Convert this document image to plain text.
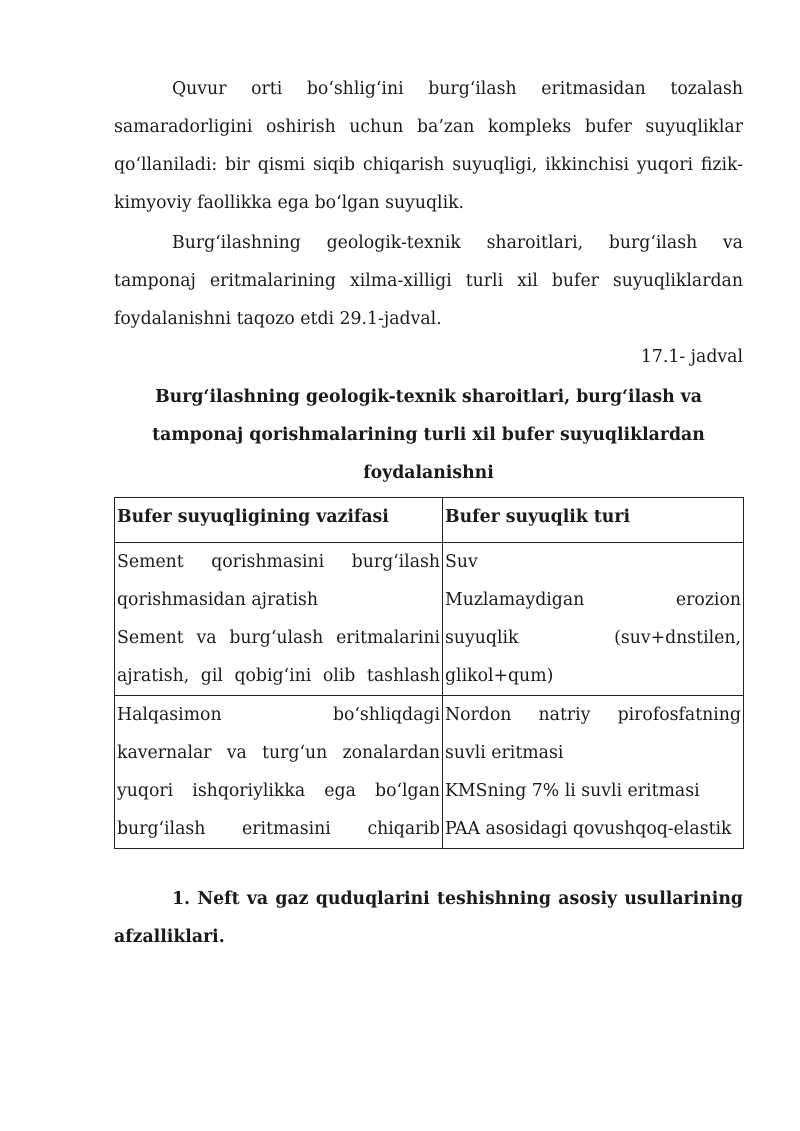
Quvur orti bo‘shlig‘ini burg‘ilash eritmasidan tozalash samaradorligini oshirish uchun ba’zan kompleks bufer suyuqliklar qo‘llaniladi: bir qismi siqib chiqarish suyuqligi, ikkinchisi yuqori fizik-kimyoviy faollikka ega bo‘lgan suyuqlik.

Burg‘ilashning geologik-texnik sharoitlari, burg‘ilash va tamponaj eritmalarining xilma-xilligi turli xil bufer suyuqliklardan foydalanishni taqozo etdi 29.1-jadval.

17.1- jadval
Burg‘ilashning geologik-texnik sharoitlari, burg‘ilash va
tamponaj qorishmalarining turli xil bufer suyuqliklardan
foydalanishni
Bufer suyuqligining vazifasi	Bufer suyuqlik turi

Sement qorishmasini burg‘ilash
qorishmasidan ajratish
Sement va burg‘ulash eritmalarini
ajratish, gil qobig‘ini olib tashlash	Suv
Muzlamaydigan erozion
suyuqlik (suv+dnstilen,
glikol+qum)

Halqasimon bo‘shliqdagi
kavernalar va turg‘un zonalardan
yuqori ishqoriylikka ega bo‘lgan
burg‘ilash eritmasini chiqarib	Nordon natriy pirofosfatning
suvli eritmasi
KMSning 7% li suvli eritmasi
PAA asosidagi qovushqoq-elastik
1. Neft va gaz quduqlarini teshishning asosiy usullarining
afzalliklari.
